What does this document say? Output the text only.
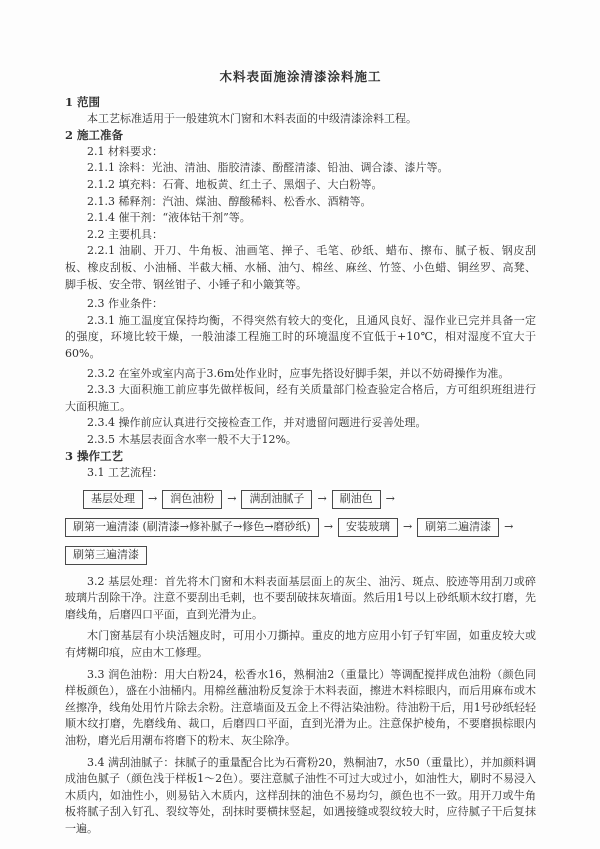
木料表面施涂清漆涂料施工
1 范围

本工艺标准适用于一般建筑木门窗和木料表面的中级清漆涂料工程。

2 施工准备

2.1 材料要求：

2.1.1 涂料：光油、清油、脂胶清漆、酚醛清漆、铅油、调合漆、漆片等。

2.1.2 填充料：石膏、地板黄、红土子、黑烟子、大白粉等。

2.1.3 稀释剂：汽油、煤油、醇酸稀料、松香水、酒精等。

2.1.4 催干剂：“液体钴干剂”等。

2.2 主要机具：

2.2.1 油刷、开刀、牛角板、油画笔、掸子、毛笔、砂纸、蜡布、擦布、腻子板、钢皮刮板、橡皮刮板、小油桶、半截大桶、水桶、油勺、棉丝、麻丝、竹签、小色蜡、铜丝罗、高凳、脚手板、安全带、钢丝钳子、小锤子和小簸箕等。

2.3 作业条件：

2.3.1 施工温度宜保持均衡，不得突然有较大的变化，且通风良好、湿作业已完并具备一定的强度，环境比较干燥，一般油漆工程施工时的环境温度不宜低于+10℃，相对湿度不宜大于60%。

2.3.2 在室外或室内高于3.6m处作业时，应事先搭设好脚手架，并以不妨碍操作为准。

2.3.3 大面积施工前应事先做样板间，经有关质量部门检查验定合格后，方可组织班组进行大面积施工。

2.3.4 操作前应认真进行交接检查工作，并对遗留问题进行妥善处理。

2.3.5 木基层表面含水率一般不大于12%。

3 操作工艺

3.1 工艺流程：

基层处理 → 润色油粉 → 满刮油腻子 → 刷油色 →
刷第一遍清漆 (刷清漆→修补腻子→修色→磨砂纸) → 安装玻璃 → 刷第二遍清漆 →
刷第三遍清漆

3.2 基层处理：首先将木门窗和木料表面基层面上的灰尘、油污、斑点、胶迹等用刮刀或碎玻璃片刮除干净。注意不要刮出毛刺，也不要刮破抹灰墙面。然后用1号以上砂纸顺木纹打磨，先磨线角，后磨四口平面，直到光滑为止。

木门窗基层有小块活翘皮时，可用小刀撕掉。重皮的地方应用小钉子钉牢固，如重皮较大或有烤糊印痕，应由木工修理。

3.3 润色油粉：用大白粉24，松香水16，熟桐油2（重量比）等调配搅拌成色油粉（颜色同样板颜色），盛在小油桶内。用棉丝蘸油粉反复涂于木料表面，擦进木料棕眼内，而后用麻布或木丝擦净，线角处用竹片除去余粉。注意墙面及五金上不得沾染油粉。待油粉干后，用1号砂纸轻轻顺木纹打磨，先磨线角、裁口，后磨四口平面，直到光滑为止。注意保护棱角，不要磨损棕眼内油粉，磨光后用潮布将磨下的粉末、灰尘除净。

3.4 满刮油腻子：抹腻子的重量配合比为石膏粉20，熟桐油7，水50（重量比），并加颜料调成油色腻子（颜色浅于样板1～2色）。要注意腻子油性不可过大或过小，如油性大，刷时不易浸入木质内，如油性小，则易钻入木质内，这样刮抹的油色不易均匀，颜色也不一致。用开刀或牛角板将腻子刮入钉孔、裂纹等处，刮抹时要横抹竖起，如遇接缝或裂纹较大时，应待腻子干后复抹一遍。
